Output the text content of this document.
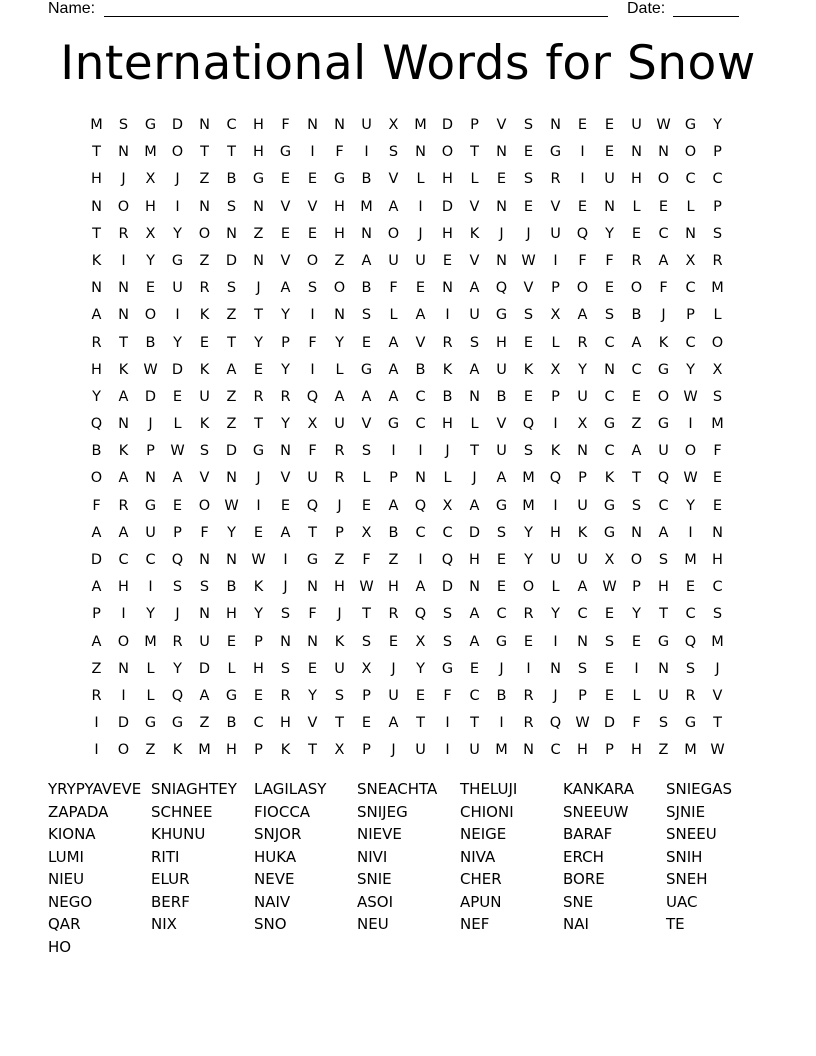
Name:	Date:
International Words for Snow
M	S	G	D	N	C	H	F	N	N	U	X	M	D	P	V	S	N	E	E	U	W G	Y
T	N	M	O	T	T	H	G	I	F	I	S	N	O	T	N	E	G	I	E	N	N	O	P
H	J	X	J	Z	B	G	E	E	G	B	V	L	H	L	E	S	R	I	U	H	O	C	C
N	O	H	I	N	S	N	V	V	H	M	A	I	D	V	N	E	V	E	N	L	E	L	P
T	R	X	Y	O	N	Z	E	E	H	N	O	J	H	K	J	J	U	Q	Y	E	C	N	S
K	I	Y	G	Z	D	N	V	O	Z	A	U	U	E	V	N W	I	F	F	R	A	X	R
N	N	E	U	R	S	J	A	S	O	B	F	E	N	A	Q	V	P	O	E	O	F	C	M
A	N	O	I	K	Z	T	Y	I	N	S	L	A	I	U	G	S	X	A	S	B	J	P	L
R	T	B	Y	E	T	Y	P	F	Y	E	A	V	R	S	H	E	L	R	C	A	K	C	O
H	K	W D	K	A	E	Y	I	L	G	A	B	K	A	U	K	X	Y	N	C	G	Y	X
Y	A	D	E	U	Z	R	R	Q	A	A	A	C	B	N	B	E	P	U	C	E	O W	S
Q	N	J	L	K	Z	T	Y	X	U	V	G	C	H	L	V	Q	I	X	G	Z	G	I	M
B	K	P	W	S	D	G	N	F	R	S	I	I	J	T	U	S	K	N	C	A	U	O	F
O	A	N	A	V	N	J	V	U	R	L	P	N	L	J	A	M	Q	P	K	T	Q W	E
F	R	G	E	O W	I	E	Q	J	E	A	Q	X	A	G	M	I	U	G	S	C	Y	E
A	A	U	P	F	Y	E	A	T	P	X	B	C	C	D	S	Y	H	K	G	N	A	I	N
D	C	C	Q	N	N W	I	G	Z	F	Z	I	Q	H	E	Y	U	U	X	O	S	M	H
A	H	I	S	S	B	K	J	N	H W H	A	D	N	E	O	L	A	W	P	H	E	C
P	I	Y	J	N	H	Y	S	F	J	T	R	Q	S	A	C	R	Y	C	E	Y	T	C	S
A	O	M	R	U	E	P	N	N	K	S	E	X	S	A	G	E	I	N	S	E	G	Q	M
Z	N	L	Y	D	L	H	S	E	U	X	J	Y	G	E	J	I	N	S	E	I	N	S	J
R	I	L	Q	A	G	E	R	Y	S	P	U	E	F	C	B	R	J	P	E	L	U	R	V
I	D	G	G	Z	B	C	H	V	T	E	A	T	I	T	I	R	Q W D	F	S	G	T
I	O	Z	K	M	H	P	K	T	X	P	J	U	I	U	M	N	C	H	P	H	Z	M W
YRYPYAVEVE SNIAGHTEY	LAGILASY	SNEACHTA	THELUJI	KANKARA	SNIEGAS
ZAPADA	SCHNEE	FIOCCA	SNIJEG	CHIONI	SNEEUW	SJNIE
KIONA	KHUNU	SNJOR	NIEVE	NEIGE	BARAF	SNEEU
LUMI	RITI	HUKA	NIVI	NIVA	ERCH	SNIH
NIEU	ELUR	NEVE	SNIE	CHER	BORE	SNEH
NEGO	BERF	NAIV	ASOI	APUN	SNE	UAC
QAR	NIX	SNO	NEU	NEF	NAI	TE
HO
